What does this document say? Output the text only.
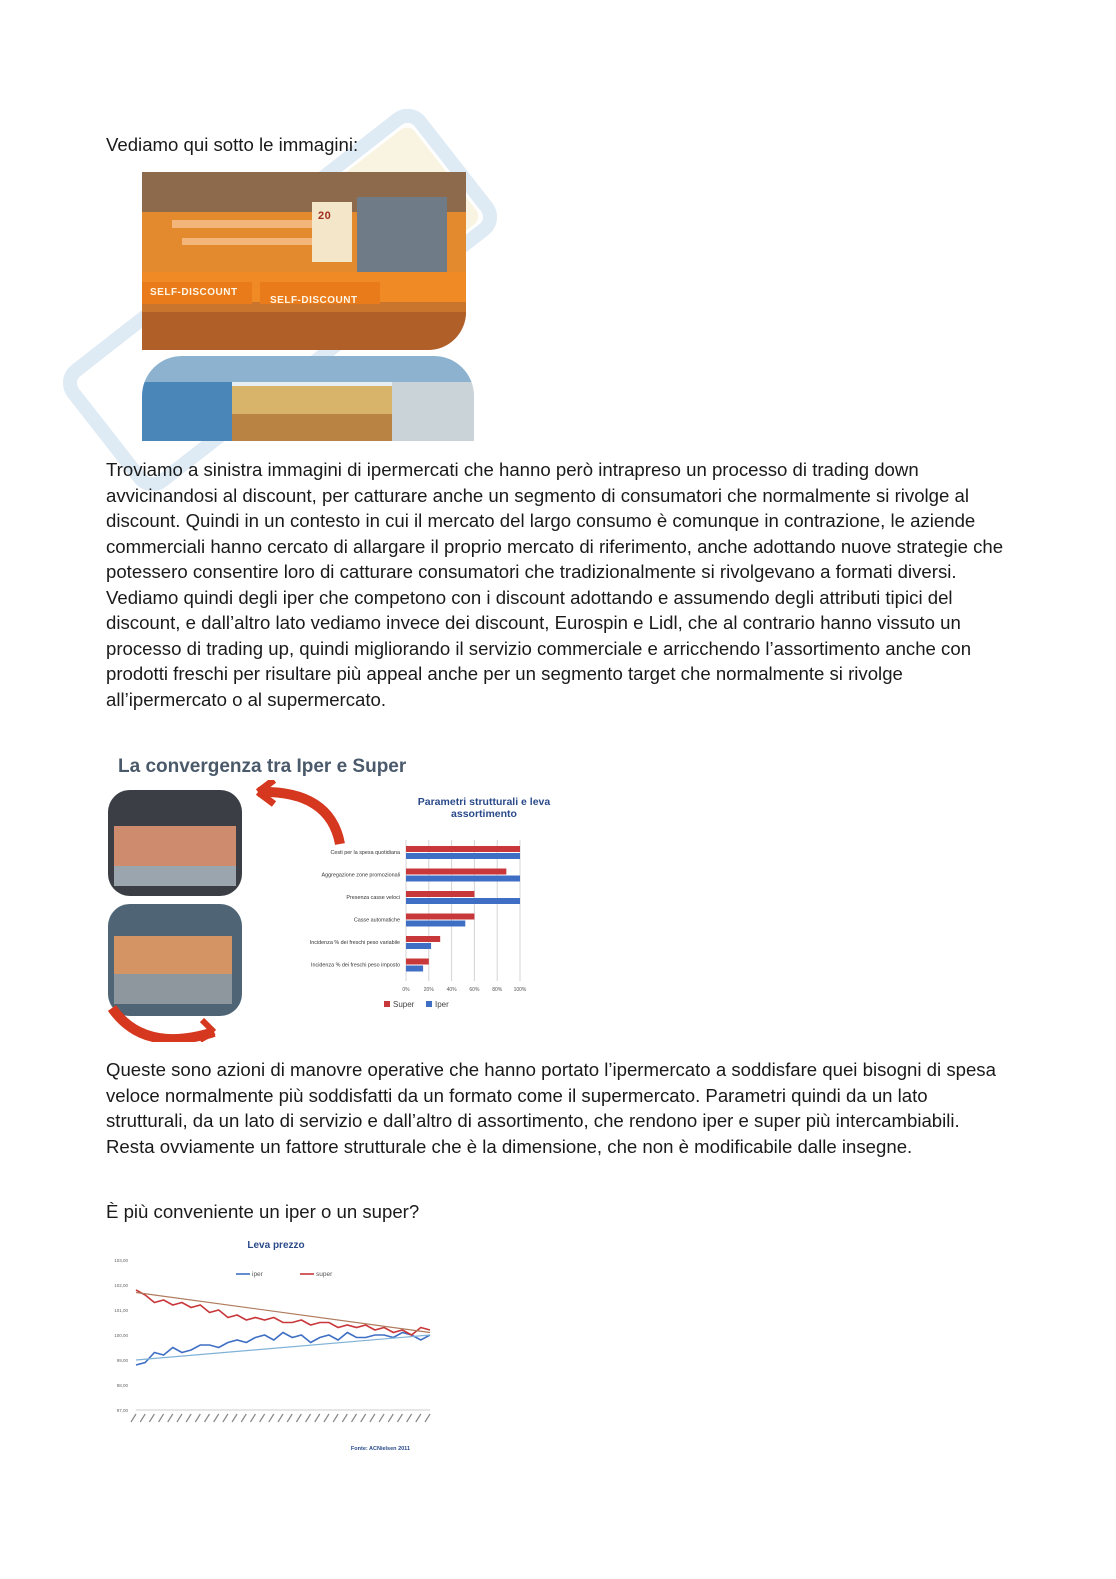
Vediamo qui sotto le immagini:

SELF-DISCOUNT
SELF-DISCOUNT
20

Troviamo a sinistra immagini di ipermercati che hanno però intrapreso un processo di trading down avvicinandosi al discount, per catturare anche un segmento di consumatori che normalmente si rivolge al discount. Quindi in un contesto in cui il mercato del largo consumo è comunque in contrazione, le aziende commerciali hanno cercato di allargare il proprio mercato di riferimento, anche adottando nuove strategie che potessero consentire loro di catturare consumatori che tradizionalmente si rivolgevano a formati diversi. Vediamo quindi degli iper che competono con i discount adottando e assumendo degli attributi tipici del discount, e dall’altro lato vediamo invece dei discount, Eurospin e Lidl, che al contrario hanno vissuto un processo di trading up, quindi migliorando il servizio commerciale e arricchendo l’assortimento anche con prodotti freschi per risultare più appeal anche per un segmento target che normalmente si rivolge all’ipermercato o al supermercato.

La convergenza tra Iper e Super

Parametri strutturali e leva assortimento

0%	20%	40%	60%	80% 100%
Cesti per la spesa quotidiana
Aggregazione zone promozionali
Presenza casse veloci
Casse automatiche
Incidenza % dei freschi peso variabile
Incidenza % dei freschi peso imposto
Super	Iper

Queste sono azioni di manovre operative che hanno portato l’ipermercato a soddisfare quei bisogni di spesa veloce normalmente più soddisfatti da un formato come il supermercato. Parametri quindi da un lato strutturali, da un lato di servizio e dall’altro di assortimento, che rendono iper e super più intercambiabili. Resta ovviamente un fattore strutturale che è la dimensione, che non è modificabile dalle insegne.

È più conveniente un iper o un super?

Leva prezzo
103,00
102,00
101,00
100,00
99,00
98,00
97,00
iper	super
Fonte: ACNielsen 2011
